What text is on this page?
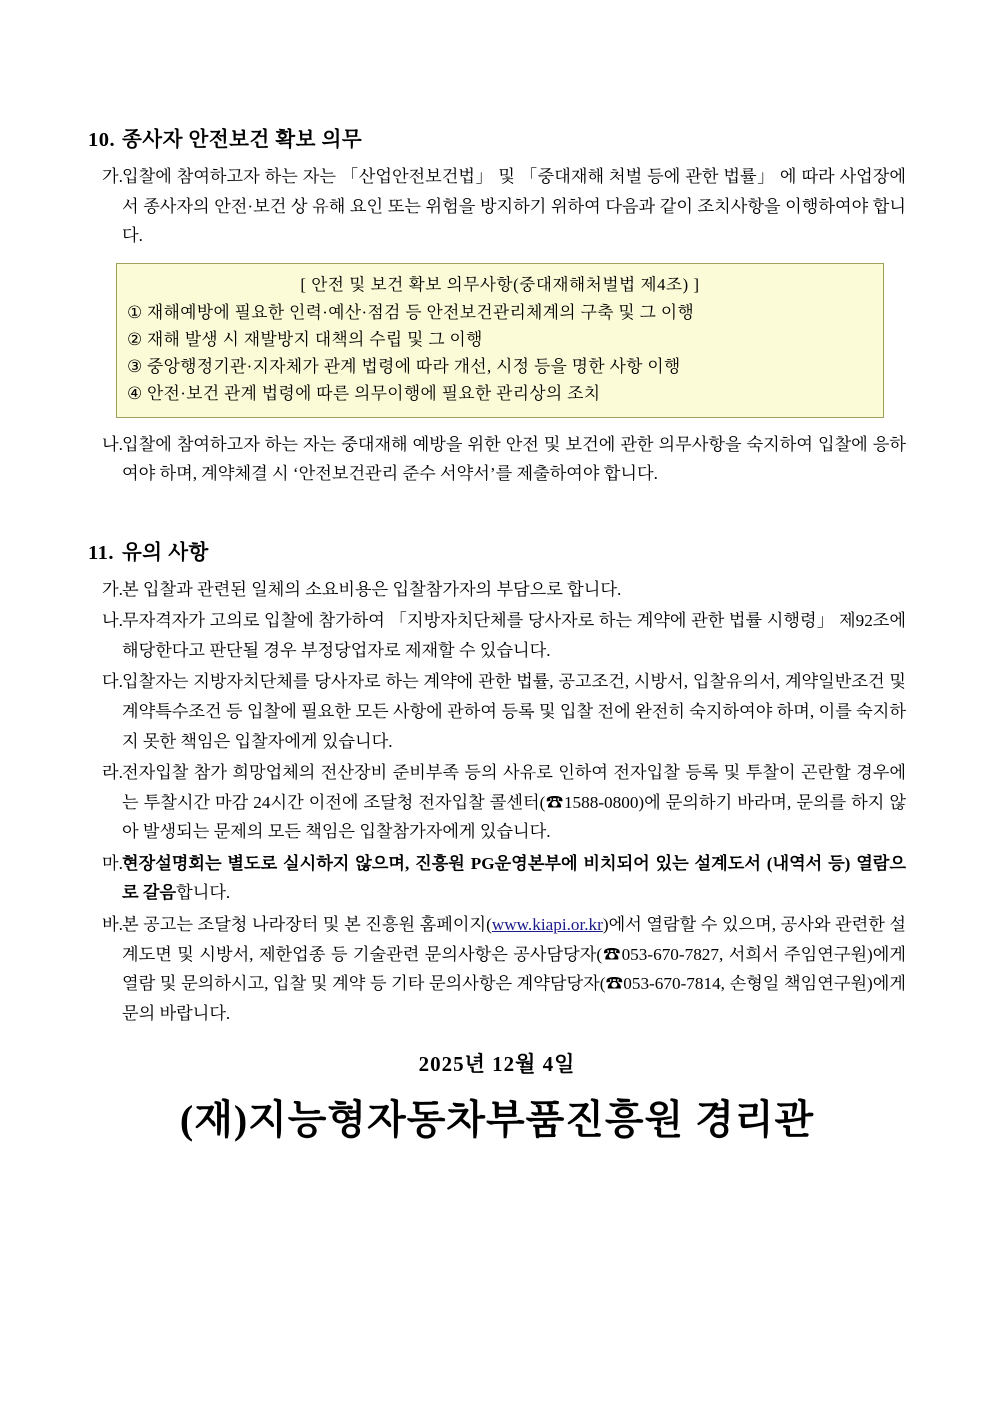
10. 종사자 안전보건 확보 의무
가. 입찰에 참여하고자 하는 자는 「산업안전보건법」 및 「중대재해 처벌 등에 관한 법률」 에 따라 사업장에서 종사자의 안전·보건 상 유해 요인 또는 위험을 방지하기 위하여 다음과 같이 조치사항을 이행하여야 합니다.
[ 안전 및 보건 확보 의무사항(중대재해처벌법 제4조) ]
① 재해예방에 필요한 인력·예산·점검 등 안전보건관리체계의 구축 및 그 이행
② 재해 발생 시 재발방지 대책의 수립 및 그 이행
③ 중앙행정기관·지자체가 관계 법령에 따라 개선, 시정 등을 명한 사항 이행
④ 안전·보건 관계 법령에 따른 의무이행에 필요한 관리상의 조치
나. 입찰에 참여하고자 하는 자는 중대재해 예방을 위한 안전 및 보건에 관한 의무사항을 숙지하여 입찰에 응하여야 하며, 계약체결 시 ‘안전보건관리 준수 서약서’를 제출하여야 합니다.
11. 유의 사항
가. 본 입찰과 관련된 일체의 소요비용은 입찰참가자의 부담으로 합니다.
나. 무자격자가 고의로 입찰에 참가하여 「지방자치단체를 당사자로 하는 계약에 관한 법률 시행령」 제92조에 해당한다고 판단될 경우 부정당업자로 제재할 수 있습니다.
다. 입찰자는 지방자치단체를 당사자로 하는 계약에 관한 법률, 공고조건, 시방서, 입찰유의서, 계약일반조건 및 계약특수조건 등 입찰에 필요한 모든 사항에 관하여 등록 및 입찰 전에 완전히 숙지하여야 하며, 이를 숙지하지 못한 책임은 입찰자에게 있습니다.
라. 전자입찰 참가 희망업체의 전산장비 준비부족 등의 사유로 인하여 전자입찰 등록 및 투찰이 곤란할 경우에는 투찰시간 마감 24시간 이전에 조달청 전자입찰 콜센터(☎1588-0800)에 문의하기 바라며, 문의를 하지 않아 발생되는 문제의 모든 책임은 입찰참가자에게 있습니다.
마. 현장설명회는 별도로 실시하지 않으며, 진흥원 PG운영본부에 비치되어 있는 설계도서 (내역서 등) 열람으로 갈음합니다.
바. 본 공고는 조달청 나라장터 및 본 진흥원 홈페이지(www.kiapi.or.kr)에서 열람할 수 있으며, 공사와 관련한 설계도면 및 시방서, 제한업종 등 기술관련 문의사항은 공사담당자(☎053-670-7827, 서희서 주임연구원)에게 열람 및 문의하시고, 입찰 및 계약 등 기타 문의사항은 계약담당자(☎053-670-7814, 손형일 책임연구원)에게 문의 바랍니다.
2025년 12월 4일
(재)지능형자동차부품진흥원 경리관
